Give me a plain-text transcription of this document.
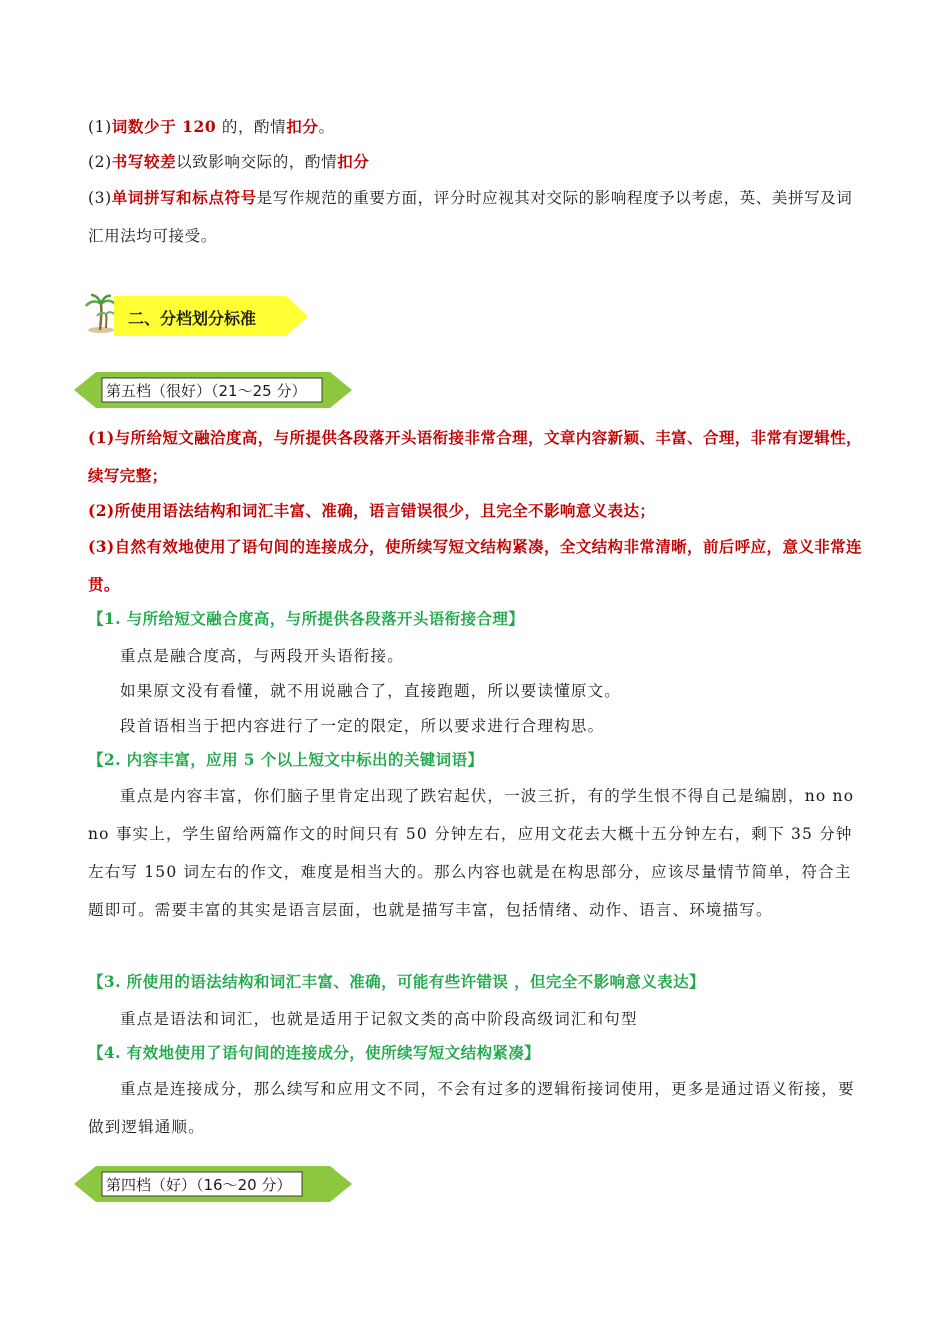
(1)词数少于 120 的，酌情扣分。
(2)书写较差以致影响交际的，酌情扣分
(3)单词拼写和标点符号是写作规范的重要方面，评分时应视其对交际的影响程度予以考虑，英、美拼写及词汇用法均可接受。
二、分档划分标准
第五档（很好）（21～25 分）
(1)与所给短文融洽度高，与所提供各段落开头语衔接非常合理，文章内容新颖、丰富、合理，非常有逻辑性，续写完整；
(2)所使用语法结构和词汇丰富、准确，语言错误很少，且完全不影响意义表达；
(3)自然有效地使用了语句间的连接成分，使所续写短文结构紧凑，全文结构非常清晰，前后呼应，意义非常连贯。
【1. 与所给短文融合度高，与所提供各段落开头语衔接合理】
重点是融合度高，与两段开头语衔接。
如果原文没有看懂，就不用说融合了，直接跑题，所以要读懂原文。
段首语相当于把内容进行了一定的限定，所以要求进行合理构思。
【2. 内容丰富，应用 5 个以上短文中标出的关键词语】
重点是内容丰富，你们脑子里肯定出现了跌宕起伏，一波三折，有的学生恨不得自己是编剧，no no no 事实上，学生留给两篇作文的时间只有 50 分钟左右，应用文花去大概十五分钟左右，剩下 35 分钟左右写 150 词左右的作文，难度是相当大的。那么内容也就是在构思部分，应该尽量情节简单，符合主题即可。需要丰富的其实是语言层面，也就是描写丰富，包括情绪、动作、语言、环境描写。
【3. 所使用的语法结构和词汇丰富、准确，可能有些许错误 ，但完全不影响意义表达】
重点是语法和词汇，也就是适用于记叙文类的高中阶段高级词汇和句型
【4. 有效地使用了语句间的连接成分，使所续写短文结构紧凑】
重点是连接成分，那么续写和应用文不同，不会有过多的逻辑衔接词使用，更多是通过语义衔接，要做到逻辑通顺。
第四档（好）（16～20 分）
